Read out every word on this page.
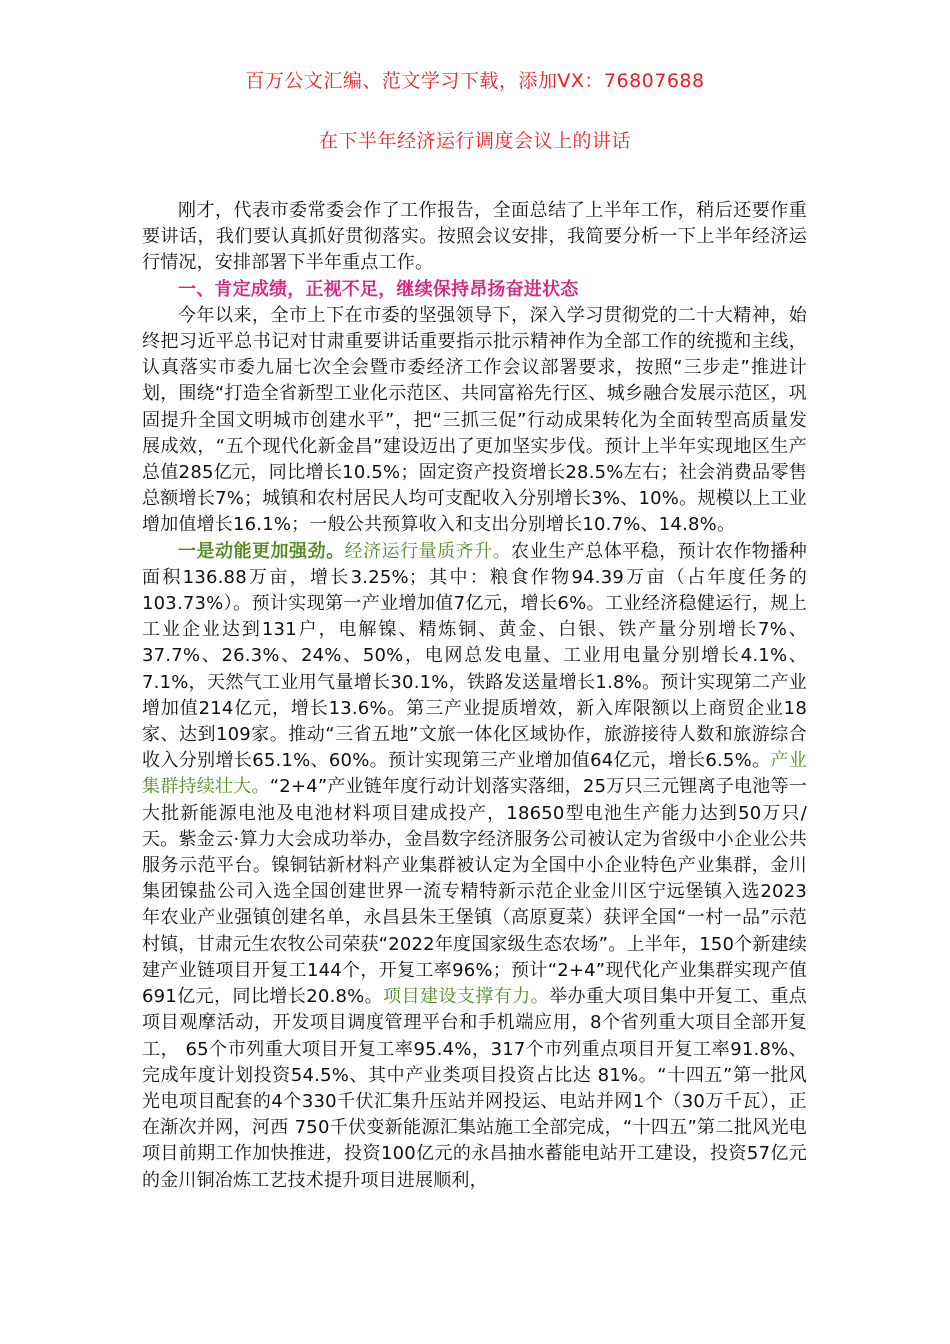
百万公文汇编、范文学习下载，添加VX：76807688
在下半年经济运行调度会议上的讲话

刚才，代表市委常委会作了工作报告，全面总结了上半年工作，稍后还要作重要讲话，我们要认真抓好贯彻落实。按照会议安排，我简要分析一下上半年经济运行情况，安排部署下半年重点工作。

一、肯定成绩，正视不足，继续保持昂扬奋进状态

今年以来，全市上下在市委的坚强领导下，深入学习贯彻党的二十大精神，始终把习近平总书记对甘肃重要讲话重要指示批示精神作为全部工作的统揽和主线，认真落实市委九届七次全会暨市委经济工作会议部署要求，按照“三步走”推进计划，围绕“打造全省新型工业化示范区、共同富裕先行区、城乡融合发展示范区，巩固提升全国文明城市创建水平”，把“三抓三促”行动成果转化为全面转型高质量发展成效，“五个现代化新金昌”建设迈出了更加坚实步伐。预计上半年实现地区生产总值285亿元，同比增长10.5%；固定资产投资增长28.5%左右；社会消费品零售总额增长7%；城镇和农村居民人均可支配收入分别增长3%、10%。规模以上工业增加值增长16.1%；一般公共预算收入和支出分别增长10.7%、14.8%。

一是动能更加强劲。经济运行量质齐升。农业生产总体平稳，预计农作物播种面积136.88万亩，增长3.25%；其中：粮食作物94.39万亩（占年度任务的103.73%）。预计实现第一产业增加值7亿元，增长6%。工业经济稳健运行，规上工业企业达到131户，电解镍、精炼铜、黄金、白银、铁产量分别增长7%、37.7%、26.3%、24%、50%，电网总发电量、工业用电量分别增长4.1%、 7.1%，天然气工业用气量增长30.1%，铁路发送量增长1.8%。预计实现第二产业增加值214亿元，增长13.6%。第三产业提质增效，新入库限额以上商贸企业18家、达到109家。推动“三省五地”文旅一体化区域协作，旅游接待人数和旅游综合收入分别增长65.1%、60%。预计实现第三产业增加值64亿元，增长6.5%。产业集群持续壮大。“2+4”产业链年度行动计划落实落细，25万只三元锂离子电池等一大批新能源电池及电池材料项目建成投产，18650型电池生产能力达到50万只/天。紫金云·算力大会成功举办，金昌数字经济服务公司被认定为省级中小企业公共服务示范平台。镍铜钴新材料产业集群被认定为全国中小企业特色产业集群，金川集团镍盐公司入选全国创建世界一流专精特新示范企业金川区宁远堡镇入选2023年农业产业强镇创建名单，永昌县朱王堡镇（高原夏菜）获评全国“一村一品”示范村镇，甘肃元生农牧公司荣获“2022年度国家级生态农场”。上半年，150个新建续建产业链项目开复工144个，开复工率96%；预计“2+4”现代化产业集群实现产值691亿元，同比增长20.8%。项目建设支撑有力。举办重大项目集中开复工、重点项目观摩活动，开发项目调度管理平台和手机端应用，8个省列重大项目全部开复工， 65个市列重大项目开复工率95.4%，317个市列重点项目开复工率91.8%、完成年度计划投资54.5%、其中产业类项目投资占比达 81%。“十四五”第一批风光电项目配套的4个330千伏汇集升压站并网投运、电站并网1个（30万千瓦），正在渐次并网，河西 750千伏变新能源汇集站施工全部完成，“十四五”第二批风光电项目前期工作加快推进，投资100亿元的永昌抽水蓄能电站开工建设，投资57亿元的金川铜冶炼工艺技术提升项目进展顺利，
